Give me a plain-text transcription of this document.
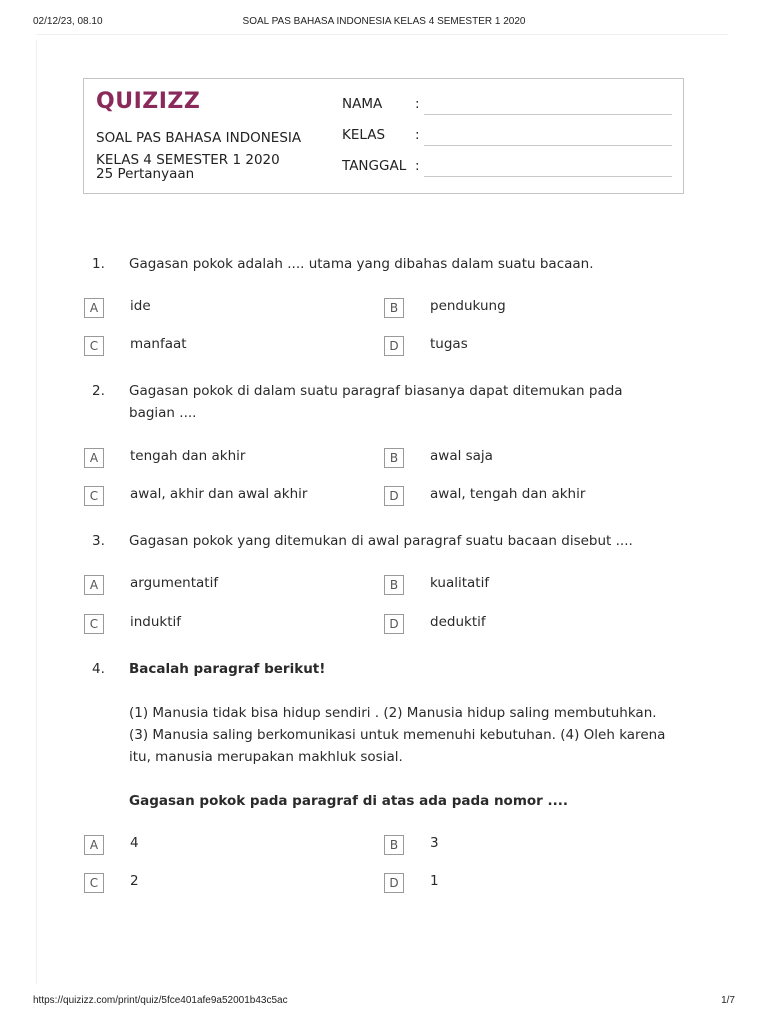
02/12/23, 08.10	SOAL PAS BAHASA INDONESIA KELAS 4 SEMESTER 1 2020
QUIZIZZ
SOAL PAS BAHASA INDONESIA
KELAS 4 SEMESTER 1 2020
25 Pertanyaan
NAMA :
KELAS :
TANGGAL :
1. Gagasan pokok adalah .... utama yang dibahas dalam suatu bacaan.
A	ide	B	pendukung
C	manfaat	D	tugas
2. Gagasan pokok di dalam suatu paragraf biasanya dapat ditemukan pada bagian ....
A	tengah dan akhir	B	awal saja
C	awal, akhir dan awal akhir	D	awal, tengah dan akhir
3. Gagasan pokok yang ditemukan di awal paragraf suatu bacaan disebut ....
A	argumentatif	B	kualitatif
C	induktif	D	deduktif
4. Bacalah paragraf berikut!
(1) Manusia tidak bisa hidup sendiri . (2) Manusia hidup saling membutuhkan. (3) Manusia saling berkomunikasi untuk memenuhi kebutuhan. (4) Oleh karena itu, manusia merupakan makhluk sosial.
Gagasan pokok pada paragraf di atas ada pada nomor ....
A	4	B	3
C	2	D	1
https://quizizz.com/print/quiz/5fce401afe9a52001b43c5ac	1/7
